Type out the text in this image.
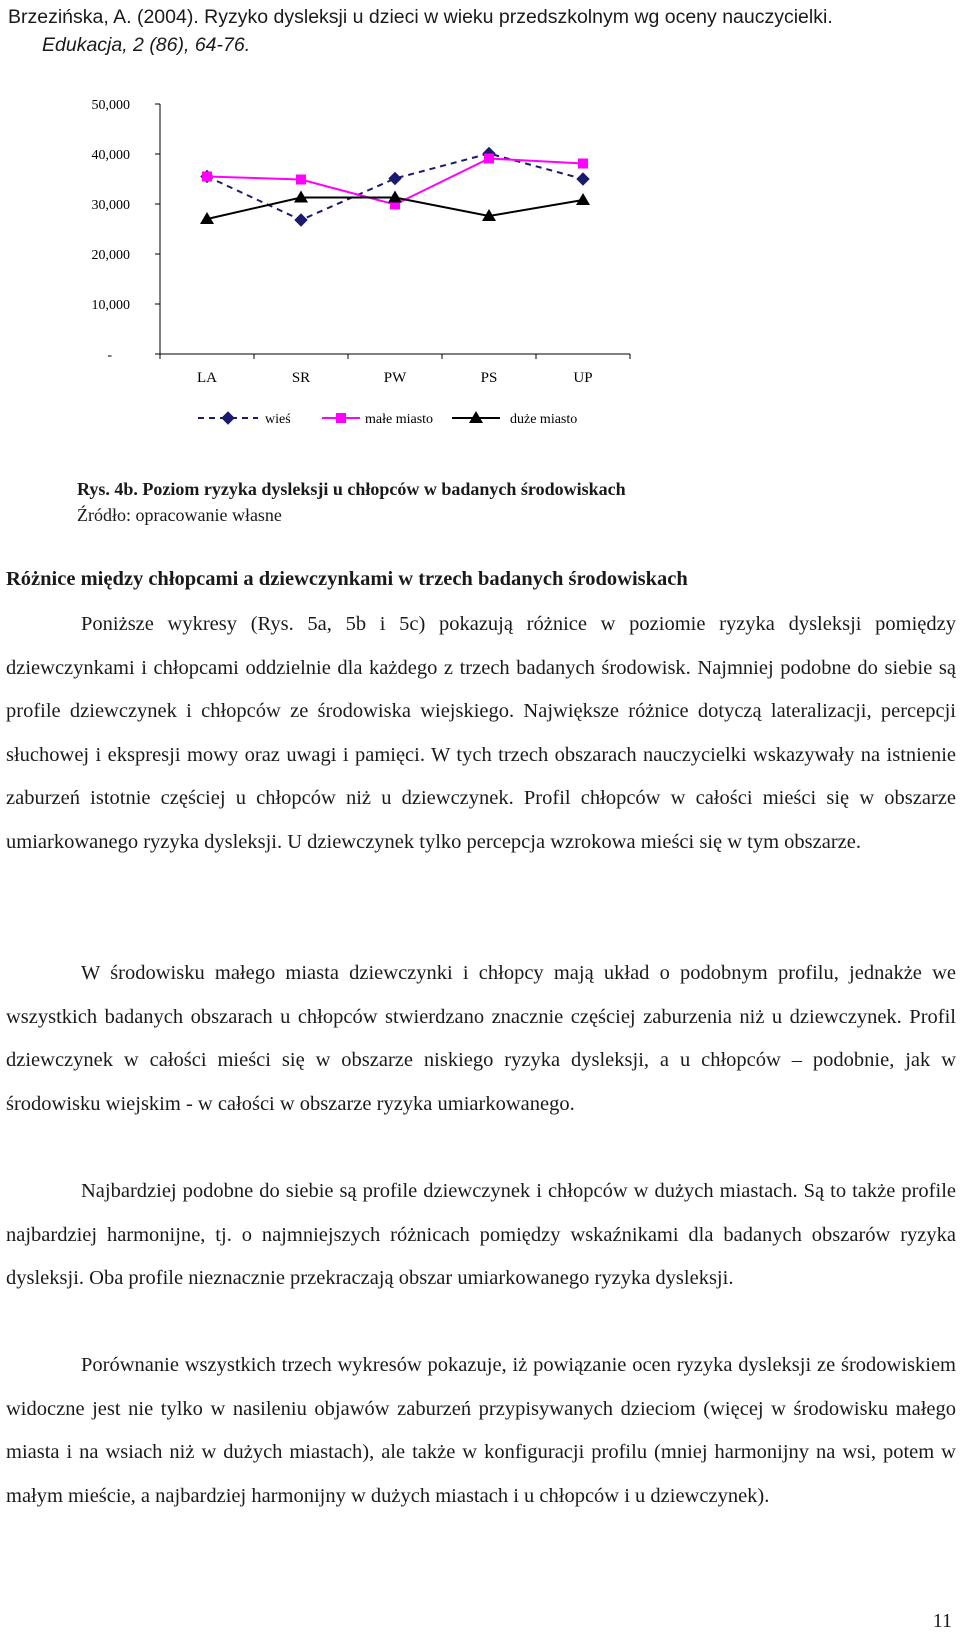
Brzezińska, A. (2004). Ryzyko dysleksji u dzieci w wieku przedszkolnym wg oceny nauczycielki.
Edukacja, 2 (86), 64-76.
-
10,000
20,000
30,000
40,000
50,000
LA	SR	PW	PS	UP
wieś	małe miasto	duże miasto
Rys. 4b. Poziom ryzyka dysleksji u chłopców w badanych środowiskach
Źródło: opracowanie własne
Różnice między chłopcami a dziewczynkami w trzech badanych środowiskach

Poniższe wykresy (Rys. 5a, 5b i 5c) pokazują różnice w poziomie ryzyka dysleksji pomiędzy dziewczynkami i chłopcami oddzielnie dla każdego z trzech badanych środowisk. Najmniej podobne do siebie są profile dziewczynek i chłopców ze środowiska wiejskiego. Największe różnice dotyczą lateralizacji, percepcji słuchowej i ekspresji mowy oraz uwagi i pamięci. W tych trzech obszarach nauczycielki wskazywały na istnienie zaburzeń istotnie częściej u chłopców niż u dziewczynek. Profil chłopców w całości mieści się w obszarze umiarkowanego ryzyka dysleksji. U dziewczynek tylko percepcja wzrokowa mieści się w tym obszarze.

W środowisku małego miasta dziewczynki i chłopcy mają układ o podobnym profilu, jednakże we wszystkich badanych obszarach u chłopców stwierdzano znacznie częściej zaburzenia niż u dziewczynek. Profil dziewczynek w całości mieści się w obszarze niskiego ryzyka dysleksji, a u chłopców – podobnie, jak w środowisku wiejskim - w całości w obszarze ryzyka umiarkowanego.

Najbardziej podobne do siebie są profile dziewczynek i chłopców w dużych miastach. Są to także profile najbardziej harmonijne, tj. o najmniejszych różnicach pomiędzy wskaźnikami dla badanych obszarów ryzyka dysleksji. Oba profile nieznacznie przekraczają obszar umiarkowanego ryzyka dysleksji.

Porównanie wszystkich trzech wykresów pokazuje, iż powiązanie ocen ryzyka dysleksji ze środowiskiem widoczne jest nie tylko w nasileniu objawów zaburzeń przypisywanych dzieciom (więcej w środowisku małego miasta i na wsiach niż w dużych miastach), ale także w konfiguracji profilu (mniej harmonijny na wsi, potem w małym mieście, a najbardziej harmonijny w dużych miastach i u chłopców i u dziewczynek).

11
